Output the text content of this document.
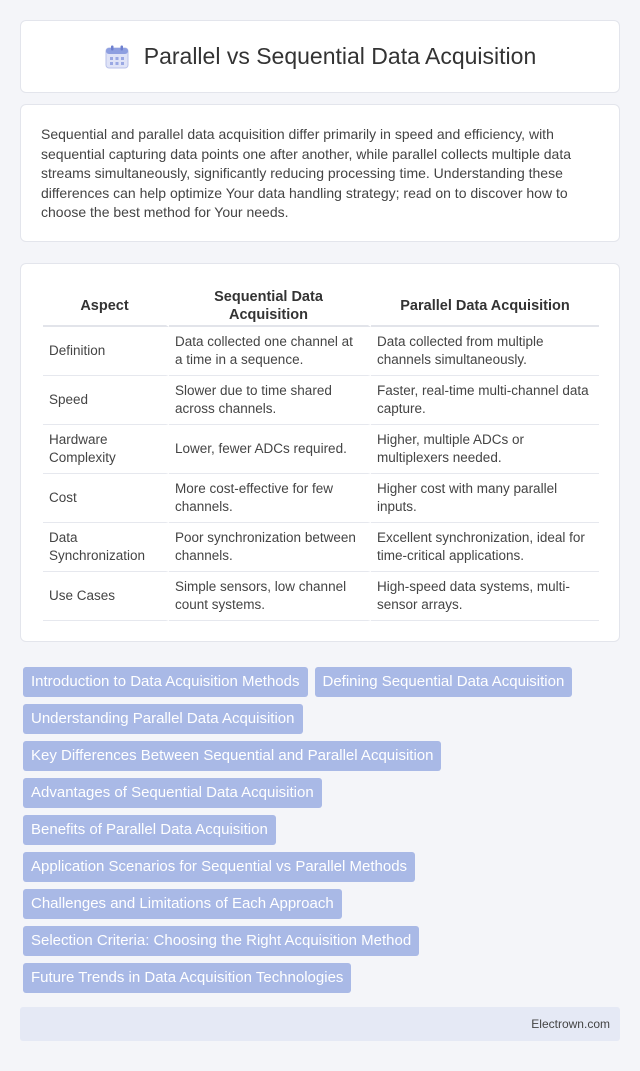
Parallel vs Sequential Data Acquisition

Sequential and parallel data acquisition differ primarily in speed and efficiency, with sequential capturing data points one after another, while parallel collects multiple data streams simultaneously, significantly reducing processing time. Understanding these differences can help optimize Your data handling strategy; read on to discover how to choose the best method for Your needs.

Aspect	Sequential Data Acquisition	Parallel Data Acquisition
Definition	Data collected one channel at a time in a sequence.	Data collected from multiple channels simultaneously.
Speed	Slower due to time shared across channels.	Faster, real-time multi-channel data capture.
Hardware Complexity	Lower, fewer ADCs required.	Higher, multiple ADCs or multiplexers needed.
Cost	More cost-effective for few channels.	Higher cost with many parallel inputs.
Data Synchronization	Poor synchronization between channels.	Excellent synchronization, ideal for time-critical applications.
Use Cases	Simple sensors, low channel count systems.	High-speed data systems, multi-sensor arrays.
Introduction to Data Acquisition Methods Defining Sequential Data Acquisition
Understanding Parallel Data Acquisition
Key Differences Between Sequential and Parallel Acquisition
Advantages of Sequential Data Acquisition
Benefits of Parallel Data Acquisition
Application Scenarios for Sequential vs Parallel Methods
Challenges and Limitations of Each Approach
Selection Criteria: Choosing the Right Acquisition Method
Future Trends in Data Acquisition Technologies
Electrown.com
